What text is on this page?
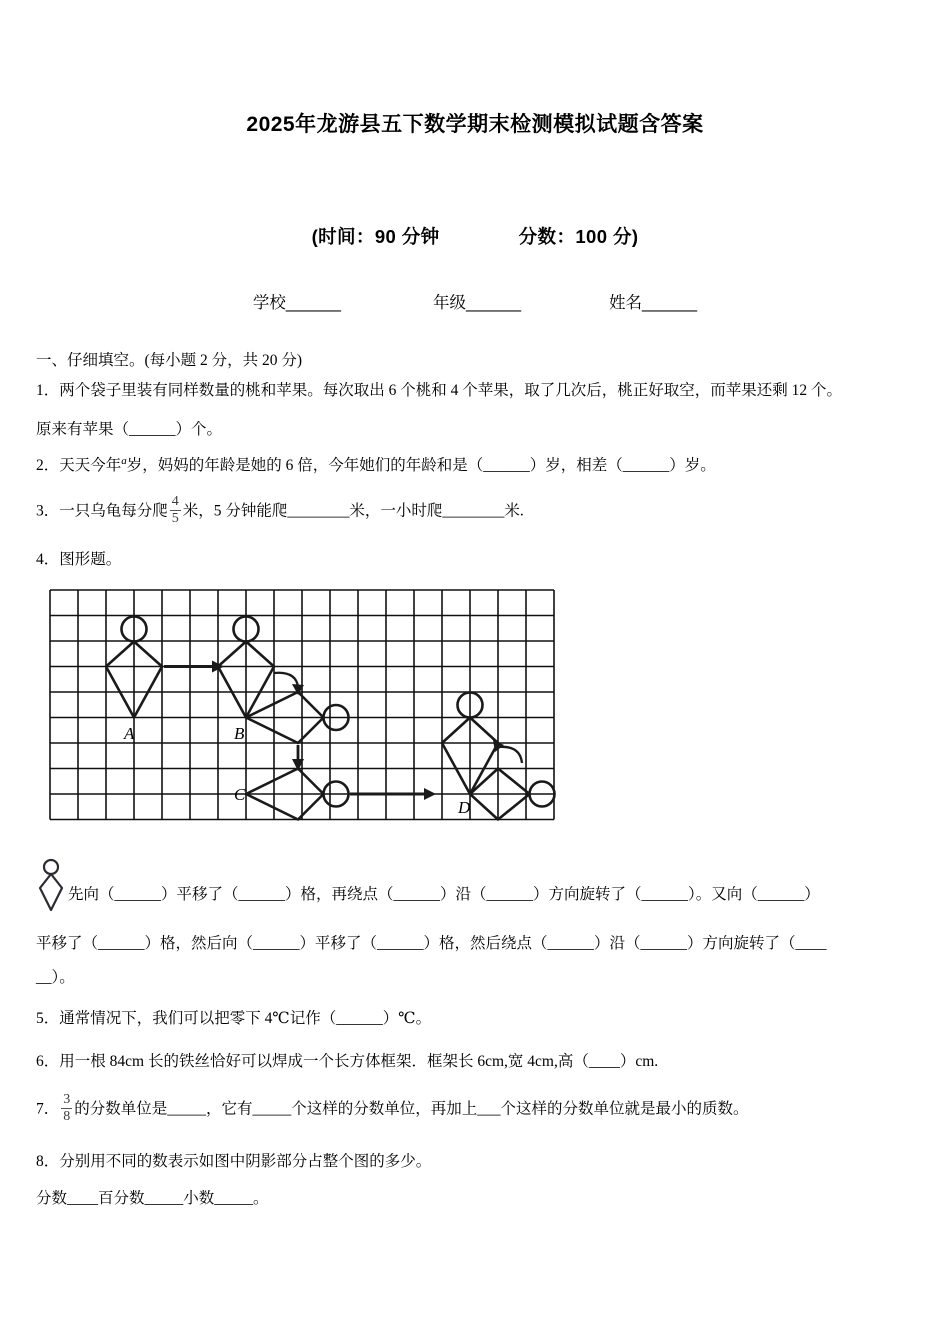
2025年龙游县五下数学期末检测模拟试题含答案
(时间：90 分钟	分数：100 分)
学校______	年级______	姓名______
一、仔细填空。(每小题 2 分，共 20 分)
1．两个袋子里装有同样数量的桃和苹果。每次取出 6 个桃和 4 个苹果，取了几次后，桃正好取空，而苹果还剩 12 个。
原来有苹果（______）个。
2．天天今年$^a$岁，妈妈的年龄是她的 6 倍，今年她们的年龄和是（______）岁，相差（______）岁。
3．一只乌龟每分爬 $\frac{4}{5}$ 米，5 分钟能爬________米，一小时爬________米.
4．图形题。
A	B
C
D
先向（______）平移了（______）格，再绕点（______）沿（______）方向旋转了（______）。又向（______）
平移了（______）格，然后向（______）平移了（______）格，然后绕点（______）沿（______）方向旋转了（____
__）。
5．通常情况下，我们可以把零下 4℃记作（______）℃。
6．用一根 84cm 长的铁丝恰好可以焊成一个长方体框架．框架长 6cm,宽 4cm,高（____）cm.
7． $\frac{3}{8}$ 的分数单位是_____，它有_____个这样的分数单位，再加上___个这样的分数单位就是最小的质数。
8．分别用不同的数表示如图中阴影部分占整个图的多少。
分数____百分数_____小数_____。
